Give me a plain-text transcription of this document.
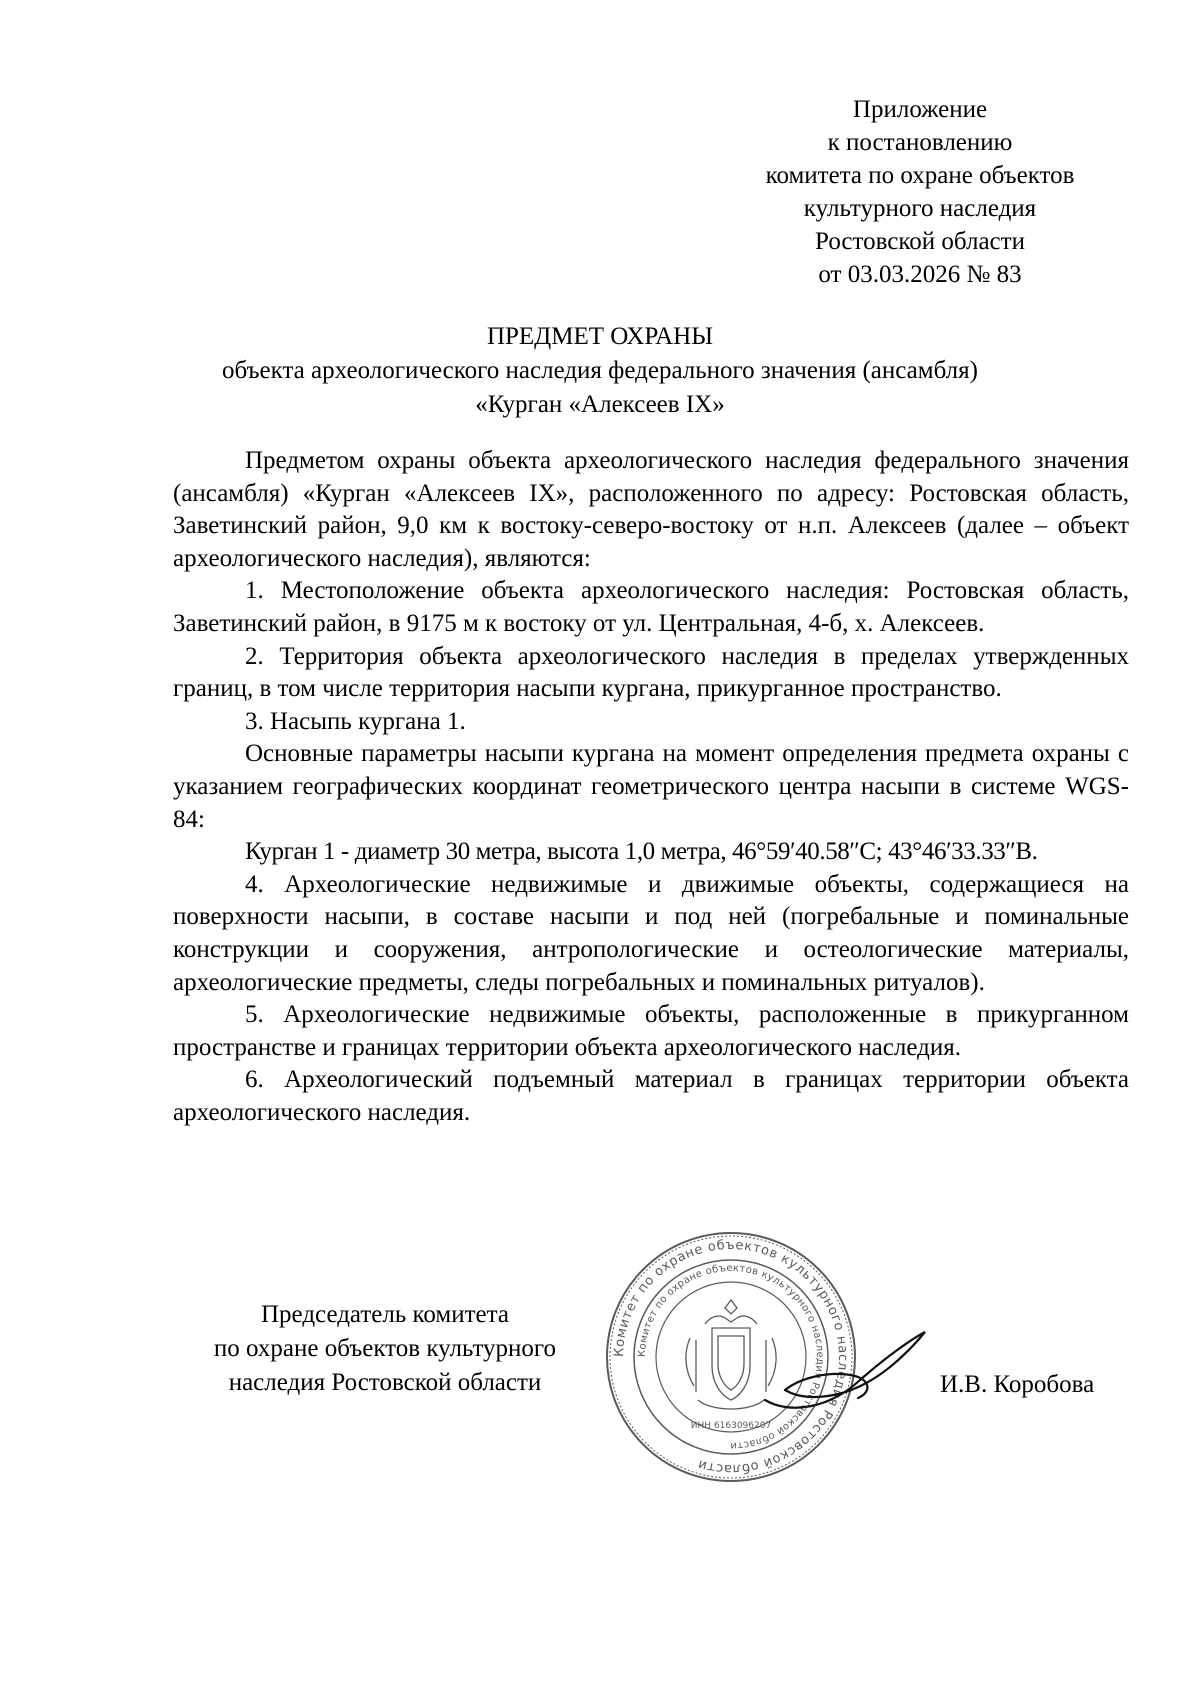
Приложение
к постановлению
комитета по охране объектов
культурного наследия
Ростовской области
от 03.03.2026 № 83
ПРЕДМЕТ ОХРАНЫ
объекта археологического наследия федерального значения (ансамбля)
«Курган «Алексеев IX»

Предметом охраны объекта археологического наследия федерального значения (ансамбля) «Курган «Алексеев IX», расположенного по адресу: Ростовская область, Заветинский район, 9,0 км к востоку-северо-востоку от н.п. Алексеев (далее – объект археологического наследия), являются:

1. Местоположение объекта археологического наследия: Ростовская область, Заветинский район, в 9175 м к востоку от ул. Центральная, 4-б, х. Алексеев.

2. Территория объекта археологического наследия в пределах утвержденных границ, в том числе территория насыпи кургана, прикурганное пространство.

3. Насыпь кургана 1.

Основные параметры насыпи кургана на момент определения предмета охраны с указанием географических координат геометрического центра насыпи в системе WGS-84:

Курган 1 - диаметр 30 метра, высота 1,0 метра, 46°59′40.58″С; 43°46′33.33″В.

4. Археологические недвижимые и движимые объекты, содержащиеся на поверхности насыпи, в составе насыпи и под ней (погребальные и поминальные конструкции и сооружения, антропологические и остеологические материалы, археологические предметы, следы погребальных и поминальных ритуалов).

5. Археологические недвижимые объекты, расположенные в прикурганном пространстве и границах территории объекта археологического наследия.

6. Археологический подъемный материал в границах территории объекта археологического наследия.

Председатель комитета
по охране объектов культурного
наследия Ростовской области
Комитет по охране объектов культурного наследия Ростовской области
Комитет по охране объектов культурного наследия Ростовской области
ИНН 6163096207
И.В. Коробова
